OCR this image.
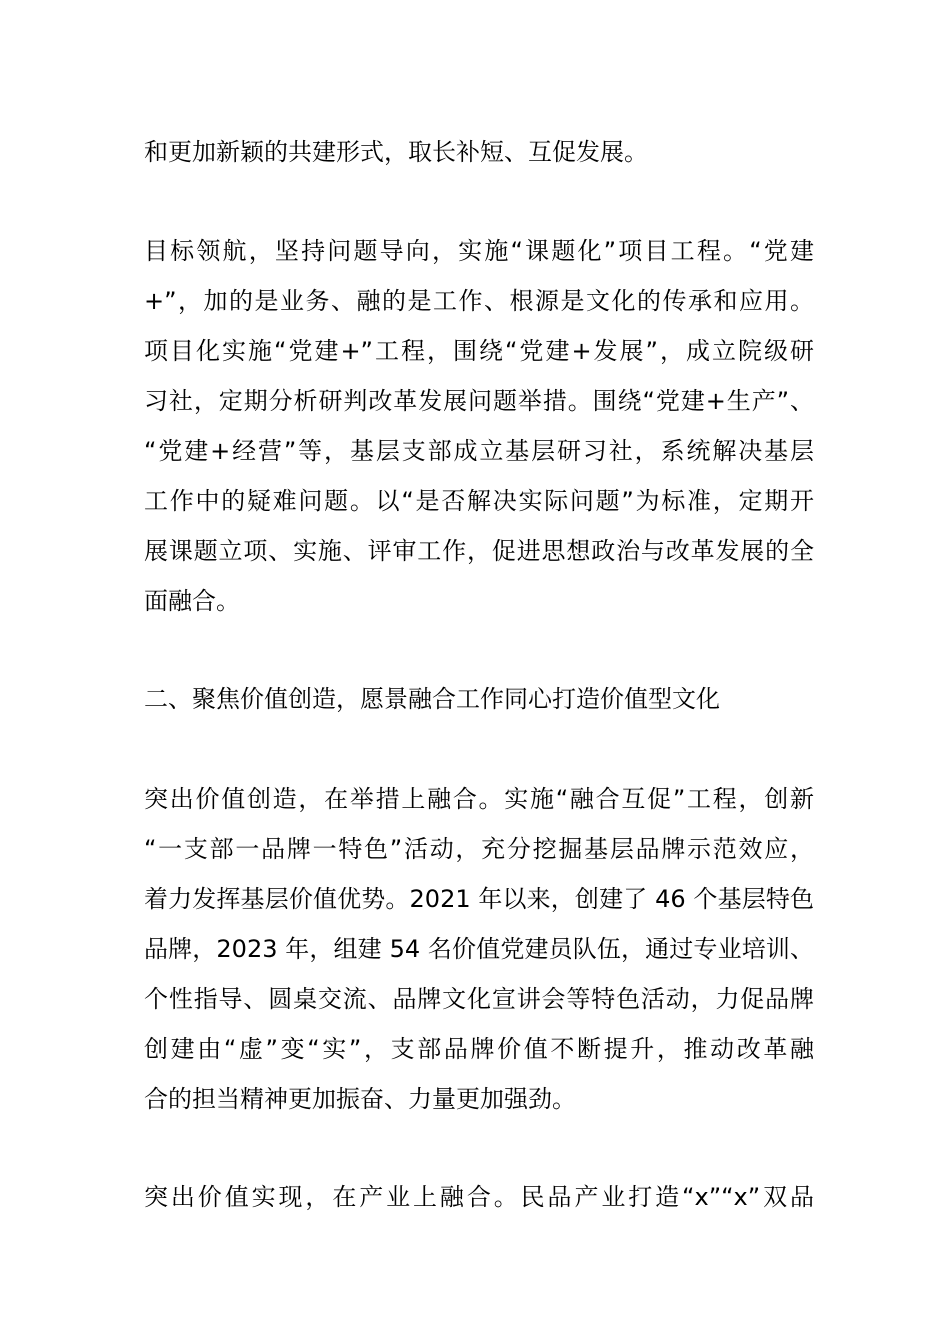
和更加新颖的共建形式，取长补短、互促发展。
目标领航，坚持问题导向，实施“课题化”项目工程。“党建
+”，加的是业务、融的是工作、根源是文化的传承和应用。
项目化实施“党建+”工程，围绕“党建+发展”，成立院级研
习社，定期分析研判改革发展问题举措。围绕“党建+生产”、
“党建+经营”等，基层支部成立基层研习社，系统解决基层
工作中的疑难问题。以“是否解决实际问题”为标准，定期开
展课题立项、实施、评审工作，促进思想政治与改革发展的全
面融合。
二、聚焦价值创造，愿景融合工作同心打造价值型文化
突出价值创造，在举措上融合。实施“融合互促”工程，创新
“一支部一品牌一特色”活动，充分挖掘基层品牌示范效应，
着力发挥基层价值优势。2021 年以来，创建了 46 个基层特色
品牌，2023 年，组建 54 名价值党建员队伍，通过专业培训、
个性指导、圆桌交流、品牌文化宣讲会等特色活动，力促品牌
创建由“虚”变“实”，支部品牌价值不断提升，推动改革融
合的担当精神更加振奋、力量更加强劲。
突出价值实现，在产业上融合。民品产业打造“x”“x”双品
